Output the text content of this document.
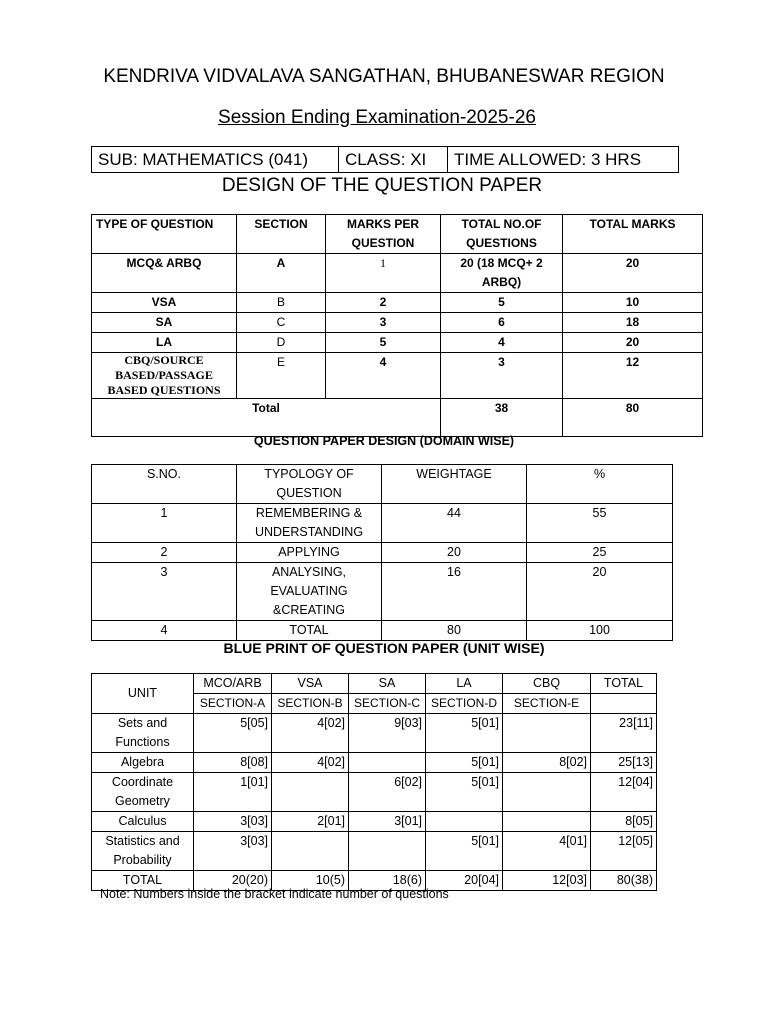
KENDRIVA VIDVALAVA SANGATHAN, BHUBANESWAR REGION
Session Ending Examination-2025-26
SUB: MATHEMATICS (041)	CLASS: XI	TIME ALLOWED: 3 HRS
DESIGN OF THE QUESTION PAPER
TYPE OF QUESTION	SECTION	MARKS PER QUESTION	TOTAL NO.OF QUESTIONS	TOTAL MARKS
MCQ& ARBQ	A	1	20 (18 MCQ+ 2 ARBQ)	20
VSA	B	2	5	10
SA	C	3	6	18
LA	D	5	4	20
CBQ/SOURCE BASED/PASSAGE BASED QUESTIONS	E	4	3	12
Total			38	80
QUESTION PAPER DESIGN (DOMAIN WISE)
S.NO.	TYPOLOGY OF QUESTION	WEIGHTAGE	%
1	REMEMBERING & UNDERSTANDING	44	55
2	APPLYING	20	25
3	ANALYSING, EVALUATING &CREATING	16	20
4	TOTAL	80	100
BLUE PRINT OF QUESTION PAPER (UNIT WISE)
UNIT	MCO/ARB	VSA	SA	LA	CBQ	TOTAL
	SECTION-A	SECTION-B	SECTION-C	SECTION-D	SECTION-E	
Sets and Functions	5[05]	4[02]	9[03]	5[01]		23[11]
Algebra	8[08]	4[02]		5[01]	8[02]	25[13]
Coordinate Geometry	1[01]		6[02]	5[01]		12[04]
Calculus	3[03]	2[01]	3[01]			8[05]
Statistics and Probability	3[03]			5[01]	4[01]	12[05]
TOTAL	20(20)	10(5)	18(6)	20[04]	12[03]	80(38)
Note: Numbers inside the bracket indicate number of questions
